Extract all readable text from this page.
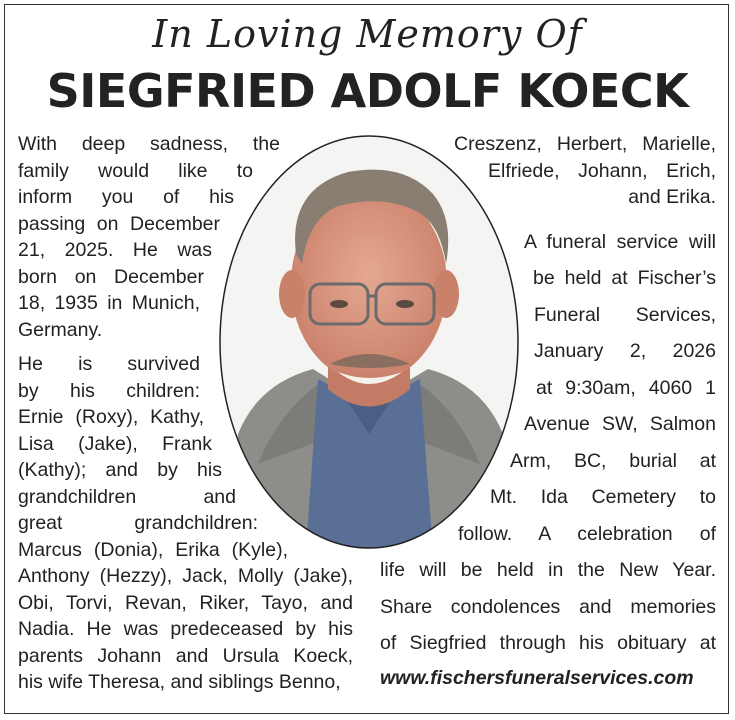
In Loving Memory Of
SIEGFRIED ADOLF KOECK
With deep sadness, the
family would like to
inform you of his
passing on December
21, 2025. He was
born on December
18, 1935 in Munich,
Germany.
He is survived
by his children:
Ernie (Roxy), Kathy,
Lisa (Jake), Frank
(Kathy); and by his
grandchildren and
great grandchildren:
Marcus (Donia), Erika (Kyle),
Anthony (Hezzy), Jack, Molly (Jake),
Obi, Torvi, Revan, Riker, Tayo, and
Nadia. He was predeceased by his
parents Johann and Ursula Koeck,
his wife Theresa, and siblings Benno,
Creszenz, Herbert, Marielle,
Elfriede, Johann, Erich,
and Erika.
A funeral service will
be held at Fischer’s
Funeral Services,
January 2, 2026
at 9:30am, 4060 1
Avenue SW, Salmon
Arm, BC, burial at
Mt. Ida Cemetery to
follow. A celebration of
life will be held in the New Year.
Share condolences and memories
of Siegfried through his obituary at
www.fischersfuneralservices.com
